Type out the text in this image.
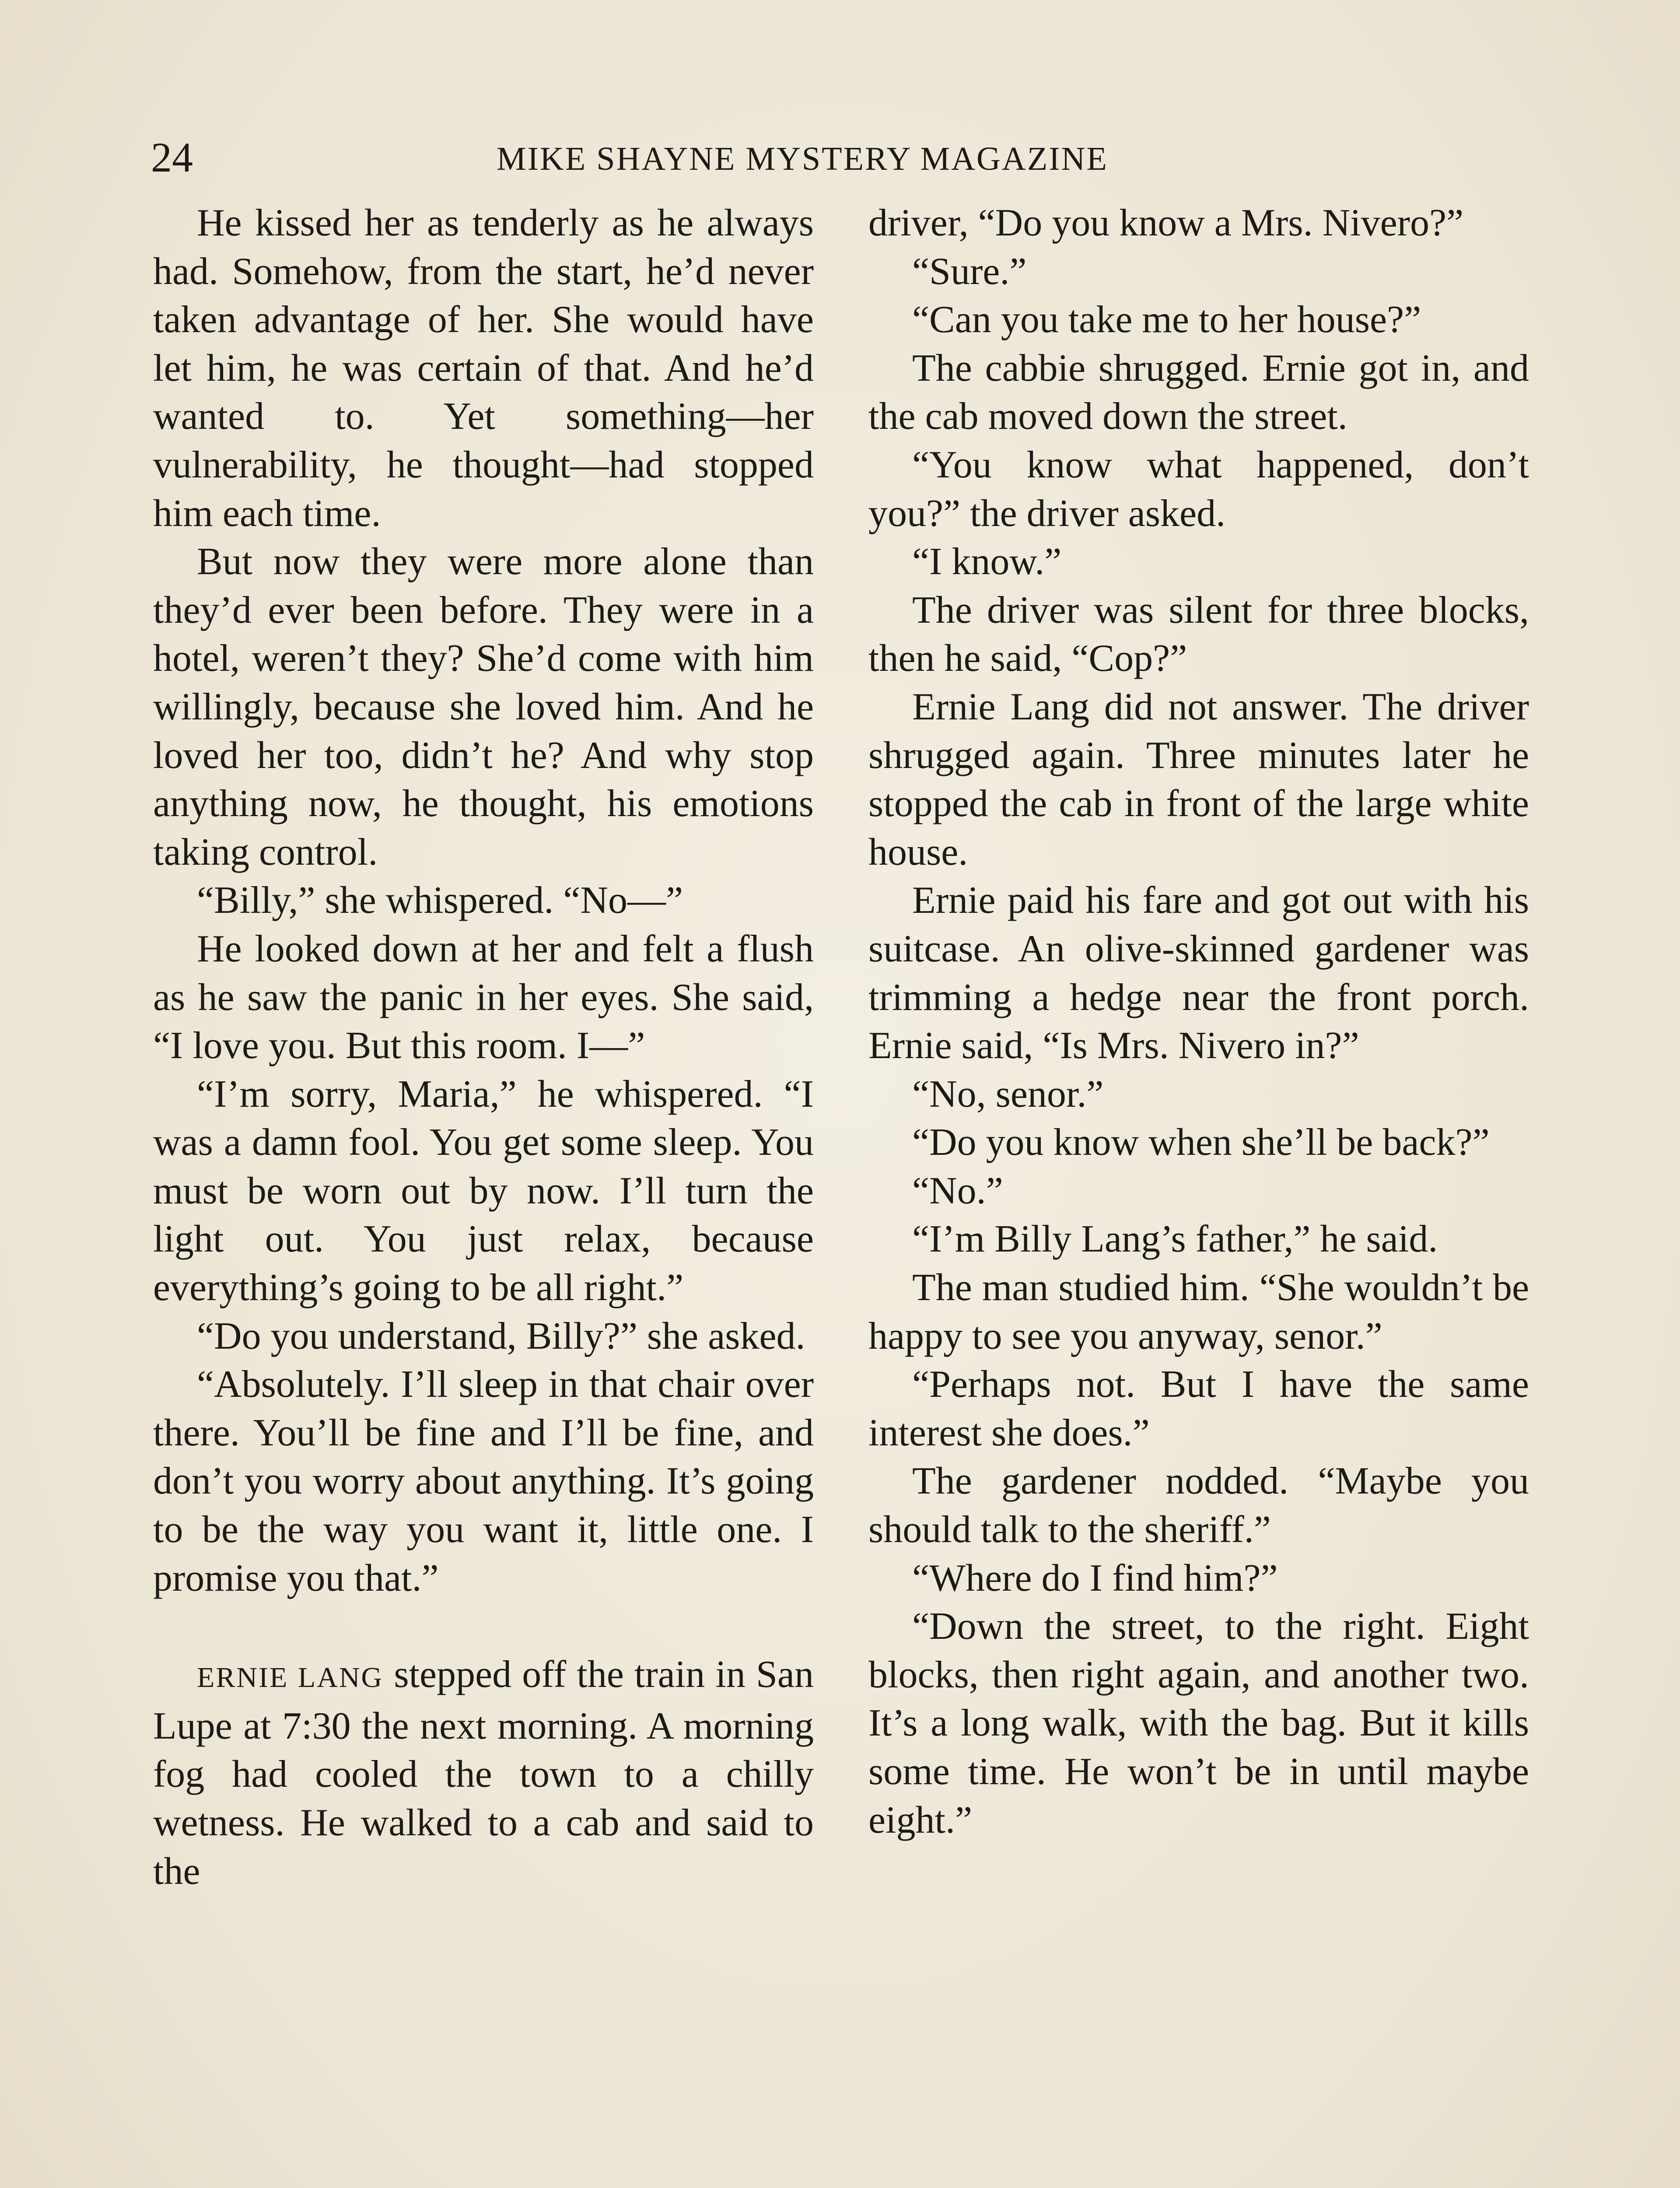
24	MIKE SHAYNE MYSTERY MAGAZINE

He kissed her as tenderly as he always had. Somehow, from the start, he’d never taken advantage of her. She would have let him, he was certain of that. And he’d wanted to. Yet something—her vulnerability, he thought—had stopped him each time.

But now they were more alone than they’d ever been before. They were in a hotel, weren’t they? She’d come with him willingly, because she loved him. And he loved her too, didn’t he? And why stop anything now, he thought, his emotions taking control.

“Billy,” she whispered. “No—”

He looked down at her and felt a flush as he saw the panic in her eyes. She said, “I love you. But this room. I—”

“I’m sorry, Maria,” he whispered. “I was a damn fool. You get some sleep. You must be worn out by now. I’ll turn the light out. You just relax, because everything’s going to be all right.”

“Do you understand, Billy?” she asked.

“Absolutely. I’ll sleep in that chair over there. You’ll be fine and I’ll be fine, and don’t you worry about anything. It’s going to be the way you want it, little one. I promise you that.”

ERNIE LANG stepped off the train in San Lupe at 7:30 the next morning. A morning fog had cooled the town to a chilly wetness. He walked to a cab and said to the

driver, “Do you know a Mrs. Nivero?”

“Sure.”

“Can you take me to her house?”

The cabbie shrugged. Ernie got in, and the cab moved down the street.

“You know what happened, don’t you?” the driver asked.

“I know.”

The driver was silent for three blocks, then he said, “Cop?”

Ernie Lang did not answer. The driver shrugged again. Three minutes later he stopped the cab in front of the large white house.

Ernie paid his fare and got out with his suitcase. An olive-skinned gardener was trimming a hedge near the front porch. Ernie said, “Is Mrs. Nivero in?”

“No, senor.”

“Do you know when she’ll be back?”

“No.”

“I’m Billy Lang’s father,” he said.

The man studied him. “She wouldn’t be happy to see you anyway, senor.”

“Perhaps not. But I have the same interest she does.”

The gardener nodded. “Maybe you should talk to the sheriff.”

“Where do I find him?”

“Down the street, to the right. Eight blocks, then right again, and another two. It’s a long walk, with the bag. But it kills some time. He won’t be in until maybe eight.”
